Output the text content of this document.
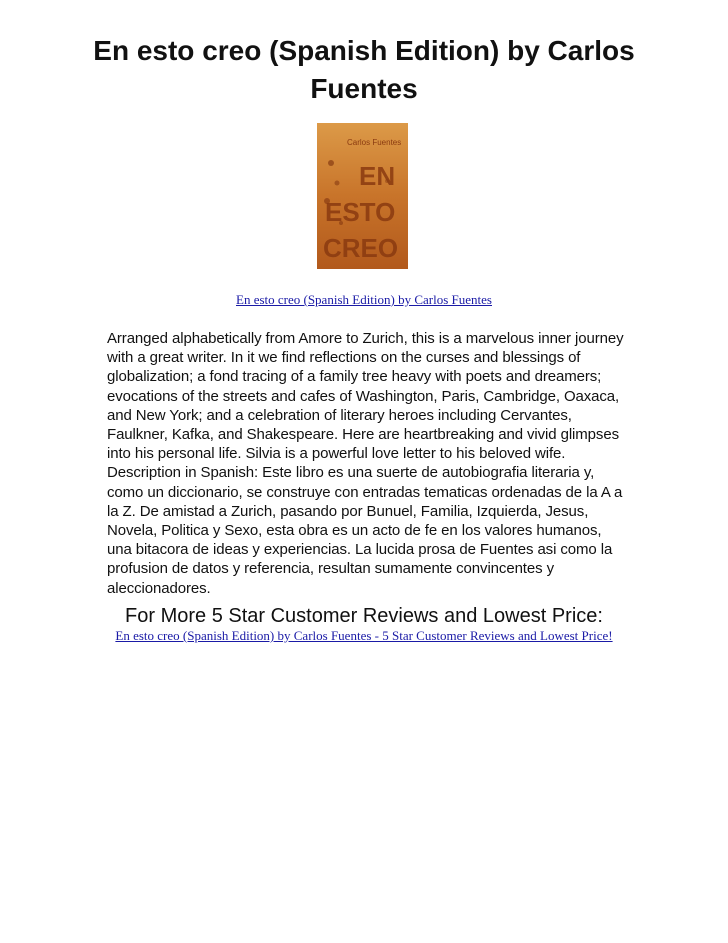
En esto creo (Spanish Edition) by Carlos Fuentes
Carlos Fuentes
EN
ESTO
CREO
En esto creo (Spanish Edition) by Carlos Fuentes

Arranged alphabetically from Amore to Zurich, this is a marvelous inner journey with a great writer. In it we find reflections on the curses and blessings of globalization; a fond tracing of a family tree heavy with poets and dreamers; evocations of the streets and cafes of Washington, Paris, Cambridge, Oaxaca, and New York; and a celebration of literary heroes including Cervantes, Faulkner, Kafka, and Shakespeare. Here are heartbreaking and vivid glimpses into his personal life. Silvia is a powerful love letter to his beloved wife. Description in Spanish: Este libro es una suerte de autobiografia literaria y, como un diccionario, se construye con entradas tematicas ordenadas de la A a la Z. De amistad a Zurich, pasando por Bunuel, Familia, Izquierda, Jesus, Novela, Politica y Sexo, esta obra es un acto de fe en los valores humanos, una bitacora de ideas y experiencias. La lucida prosa de Fuentes asi como la profusion de datos y referencia, resultan sumamente convincentes y aleccionadores.

For More 5 Star Customer Reviews and Lowest Price:
En esto creo (Spanish Edition) by Carlos Fuentes - 5 Star Customer Reviews and Lowest Price!
